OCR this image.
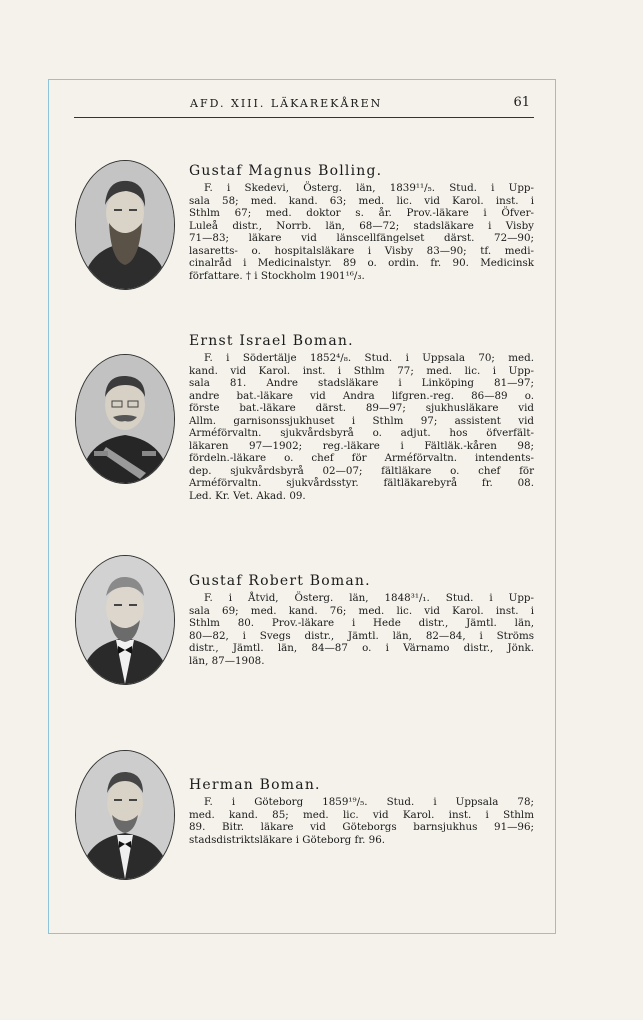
AFD. XIII. LÄKAREKÅREN	61
Gustaf Magnus Bolling.
F. i Skedevi, Österg. län, 1839¹¹/₅. Stud. i Upp-
sala 58; med. kand. 63; med. lic. vid Karol. inst. i
Sthlm 67; med. doktor s. år. Prov.-läkare i Öfver-
Luleå distr., Norrb. län, 68—72; stadsläkare i Visby
71—83; läkare vid länscellfängelset därst. 72—90;
lasaretts- o. hospitalsläkare i Visby 83—90; tf. medi-
cinalråd i Medicinalstyr. 89 o. ordin. fr. 90. Medicinsk
författare. † i Stockholm 1901¹⁶/₃.
Ernst Israel Boman.
F. i Södertälje 1852⁴/₈. Stud. i Uppsala 70; med.
kand. vid Karol. inst. i Sthlm 77; med. lic. i Upp-
sala 81. Andre stadsläkare i Linköping 81—97;
andre bat.-läkare vid Andra lifgren.-reg. 86—89 o.
förste bat.-läkare därst. 89—97; sjukhusläkare vid
Allm. garnisonssjukhuset i Sthlm 97; assistent vid
Arméförvaltn. sjukvårdsbyrå o. adjut. hos öfverfält-
läkaren 97—1902; reg.-läkare i Fältläk.-kåren 98;
fördeln.-läkare o. chef för Arméförvaltn. intendents-
dep. sjukvårdsbyrå 02—07; fältläkare o. chef för
Arméförvaltn. sjukvårdsstyr. fältläkarebyrå fr. 08.
Led. Kr. Vet. Akad. 09.
Gustaf Robert Boman.
F. i Åtvid, Österg. län, 1848³¹/₁. Stud. i Upp-
sala 69; med. kand. 76; med. lic. vid Karol. inst. i
Sthlm 80. Prov.-läkare i Hede distr., Jämtl. län,
80—82, i Svegs distr., Jämtl. län, 82—84, i Ströms
distr., Jämtl. län, 84—87 o. i Värnamo distr., Jönk.
län, 87—1908.
Herman Boman.
F. i Göteborg 1859¹⁹/₅. Stud. i Uppsala 78;
med. kand. 85; med. lic. vid Karol. inst. i Sthlm
89. Bitr. läkare vid Göteborgs barnsjukhus 91—96;
stadsdistriktsläkare i Göteborg fr. 96.
